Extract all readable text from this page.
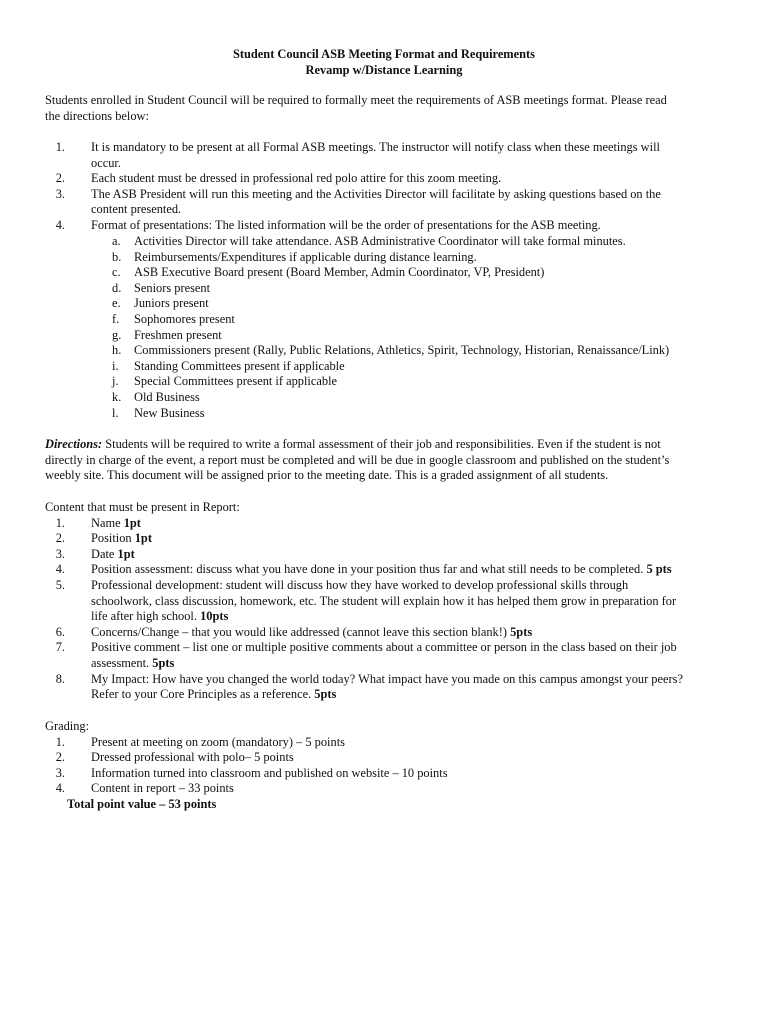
Student Council ASB Meeting Format and Requirements
Revamp w/Distance Learning
Students enrolled in Student Council will be required to formally meet the requirements of ASB meetings format. Please read
the directions below:
1. It is mandatory to be present at all Formal ASB meetings. The instructor will notify class when these meetings will
occur.
2. Each student must be dressed in professional red polo attire for this zoom meeting.
3. The ASB President will run this meeting and the Activities Director will facilitate by asking questions based on the
content presented.
4. Format of presentations: The listed information will be the order of presentations for the ASB meeting.
a. Activities Director will take attendance. ASB Administrative Coordinator will take formal minutes.
b. Reimbursements/Expenditures if applicable during distance learning.
c. ASB Executive Board present (Board Member, Admin Coordinator, VP, President)
d. Seniors present
e. Juniors present
f. Sophomores present
g. Freshmen present
h. Commissioners present (Rally, Public Relations, Athletics, Spirit, Technology, Historian, Renaissance/Link)
i. Standing Committees present if applicable
j. Special Committees present if applicable
k. Old Business
l. New Business
Directions: Students will be required to write a formal assessment of their job and responsibilities. Even if the student is not
directly in charge of the event, a report must be completed and will be due in google classroom and published on the student’s
weebly site. This document will be assigned prior to the meeting date. This is a graded assignment of all students.
Content that must be present in Report:
1. Name 1pt
2. Position 1pt
3. Date 1pt
4. Position assessment: discuss what you have done in your position thus far and what still needs to be completed. 5 pts
5. Professional development: student will discuss how they have worked to develop professional skills through
schoolwork, class discussion, homework, etc. The student will explain how it has helped them grow in preparation for
life after high school. 10pts
6. Concerns/Change – that you would like addressed (cannot leave this section blank!) 5pts
7. Positive comment – list one or multiple positive comments about a committee or person in the class based on their job
assessment. 5pts
8. My Impact: How have you changed the world today? What impact have you made on this campus amongst your peers?
Refer to your Core Principles as a reference. 5pts
Grading:
1. Present at meeting on zoom (mandatory) – 5 points
2. Dressed professional with polo– 5 points
3. Information turned into classroom and published on website – 10 points
4. Content in report – 33 points
Total point value – 53 points
